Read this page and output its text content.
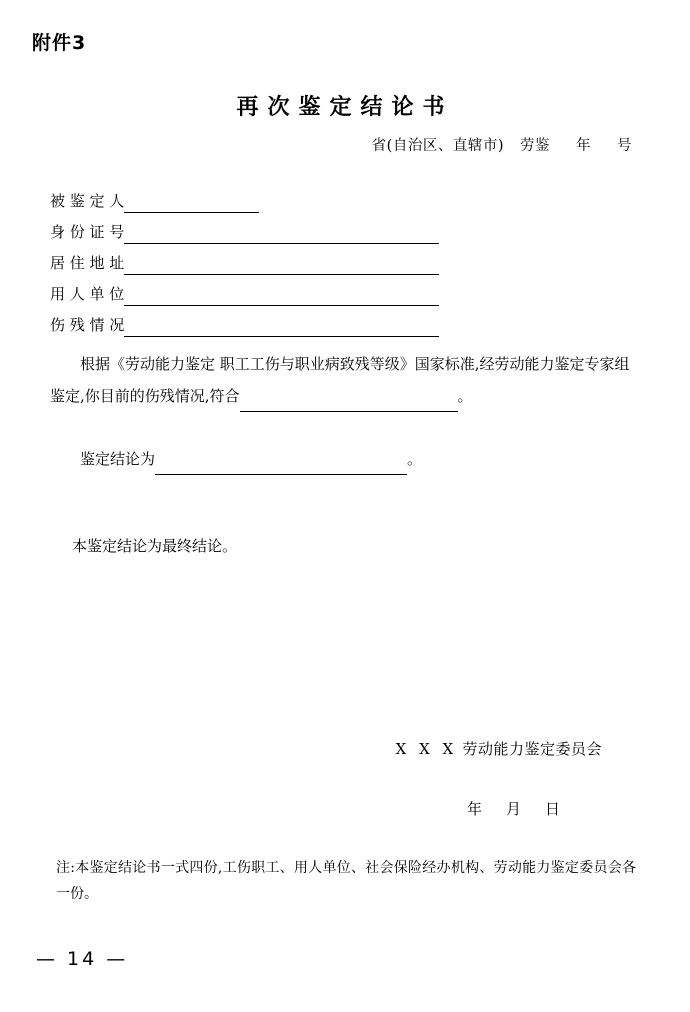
附件3
再次鉴定结论书
省(自治区、直辖市) 劳鉴 年 号
被 鉴 定 人
身 份 证 号
居 住 地 址
用 人 单 位
伤 残 情 况
根据《劳动能力鉴定 职工工伤与职业病致残等级》国家标准,经劳动能力鉴定专家组
鉴定,你目前的伤残情况,符合	。
鉴定结论为	。
本鉴定结论为最终结论。
Ⅹ Ⅹ Ⅹ 劳动能力鉴定委员会
年 月 日
注:本鉴定结论书一式四份,工伤职工、用人单位、社会保险经办机构、劳动能力鉴定委员会各一份。
— 14 —
